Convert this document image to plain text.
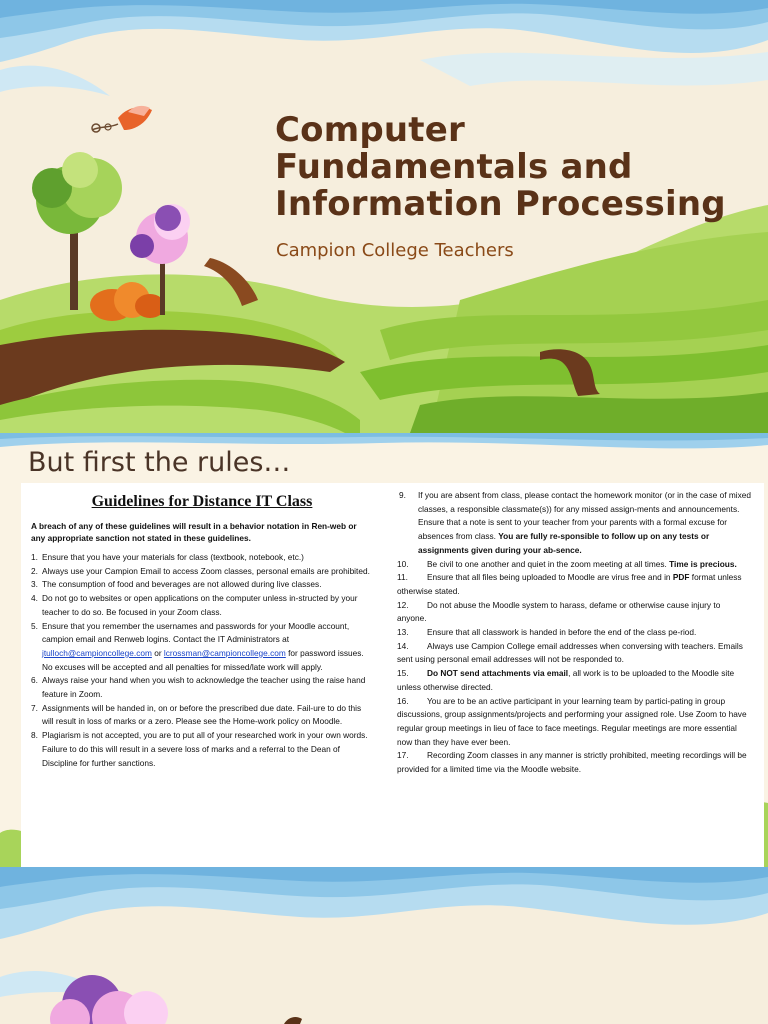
Computer Fundamentals and Information Processing
Campion College Teachers
But first the rules…
Guidelines for Distance IT Class
A breach of any of these guidelines will result in a behavior notation in Ren-web or any appropriate sanction not stated in these guidelines.
1. Ensure that you have your materials for class (textbook, notebook, etc.)
2. Always use your Campion Email to access Zoom classes, personal emails are prohibited.
3. The consumption of food and beverages are not allowed during live classes.
4. Do not go to websites or open applications on the computer unless in-structed by your teacher to do so. Be focused in your Zoom class.
5. Ensure that you remember the usernames and passwords for your Moodle account, campion email and Renweb logins. Contact the IT Administrators at jtulloch@campioncollege.com or lcrossman@campioncollege.com for password issues. No excuses will be accepted and all penalties for missed/late work will apply.
6. Always raise your hand when you wish to acknowledge the teacher using the raise hand feature in Zoom.
7. Assignments will be handed in, on or before the prescribed due date. Fail-ure to do this will result in loss of marks or a zero. Please see the Home-work policy on Moodle.
8. Plagiarism is not accepted, you are to put all of your researched work in your own words. Failure to do this will result in a severe loss of marks and a referral to the Dean of Discipline for further sanctions.
9. If you are absent from class, please contact the homework monitor (or in the case of mixed classes, a responsible classmate(s)) for any missed assign-ments and announcements. Ensure that a note is sent to your teacher from your parents with a formal excuse for absences from class. You are fully re-sponsible to follow up on any tests or assignments given during your ab-sence.
10. Be civil to one another and quiet in the zoom meeting at all times. Time is precious.
11. Ensure that all files being uploaded to Moodle are virus free and in PDF format unless otherwise stated.
12. Do not abuse the Moodle system to harass, defame or otherwise cause injury to anyone.
13. Ensure that all classwork is handed in before the end of the class pe-riod.
14. Always use Campion College email addresses when conversing with teachers. Emails sent using personal email addresses will not be responded to.
15. Do NOT send attachments via email, all work is to be uploaded to the Moodle site unless otherwise directed.
16. You are to be an active participant in your learning team by partici-pating in group discussions, group assignments/projects and performing your assigned role. Use Zoom to have regular group meetings in lieu of face to face meetings. Regular meetings are more essential now than they have ever been.
17. Recording Zoom classes in any manner is strictly prohibited, meeting recordings will be provided for a limited time via the Moodle website.
